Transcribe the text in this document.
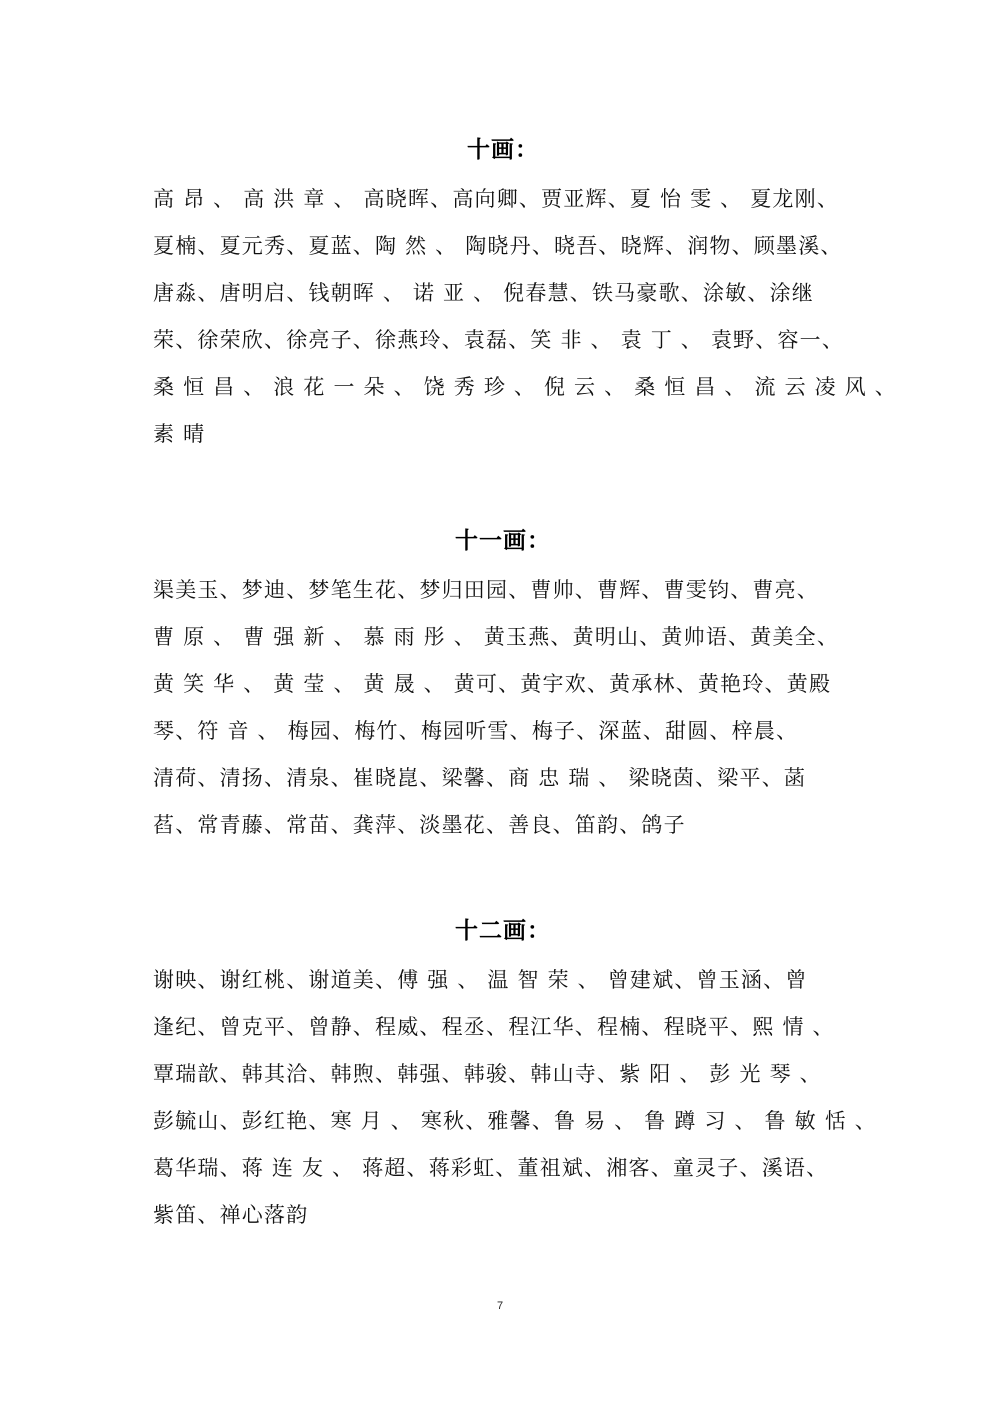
十画：
高 昂 、 高 洪 章 、 高晓晖、高向卿、贾亚辉、夏 怡 雯 、 夏龙刚、
夏楠、夏元秀、夏蓝、陶 然 、 陶晓丹、晓吾、晓辉、润物、顾墨溪、
唐淼、唐明启、钱朝晖 、 诺 亚 、 倪春慧、铁马豪歌、涂敏、涂继
荣、徐荣欣、徐亮子、徐燕玲、袁磊、笑 非 、 袁 丁 、 袁野、容一、
桑 恒 昌 、 浪 花 一 朵 、 饶 秀 珍 、 倪 云 、 桑 恒 昌 、 流 云 凌 风 、
素 晴
十一画：
渠美玉、梦迪、梦笔生花、梦归田园、曹帅、曹辉、曹雯钧、曹亮、
曹 原 、 曹 强 新 、 慕 雨 彤 、 黄玉燕、黄明山、黄帅语、黄美全、
黄 笑 华 、 黄 莹 、 黄 晟 、 黄可、黄宇欢、黄承林、黄艳玲、黄殿
琴、符 音 、 梅园、梅竹、梅园听雪、梅子、深蓝、甜圆、梓晨、
清荷、清扬、清泉、崔晓崑、梁馨、商 忠 瑞 、 梁晓茵、梁平、菡
萏、常青藤、常苗、龚萍、淡墨花、善良、笛韵、鸽子
十二画：
谢映、谢红桃、谢道美、傅 强 、 温 智 荣 、 曾建斌、曾玉涵、曾
逢纪、曾克平、曾静、程威、程丞、程江华、程楠、程晓平、熙 情 、
覃瑞歆、韩其洽、韩煦、韩强、韩骏、韩山寺、紫 阳 、 彭 光 琴 、
彭毓山、彭红艳、寒 月 、 寒秋、雅馨、鲁 易 、 鲁 蹲 习 、 鲁 敏 恬 、
葛华瑞、蒋 连 友 、 蒋超、蒋彩虹、董祖斌、湘客、童灵子、溪语、
紫笛、禅心落韵
7
